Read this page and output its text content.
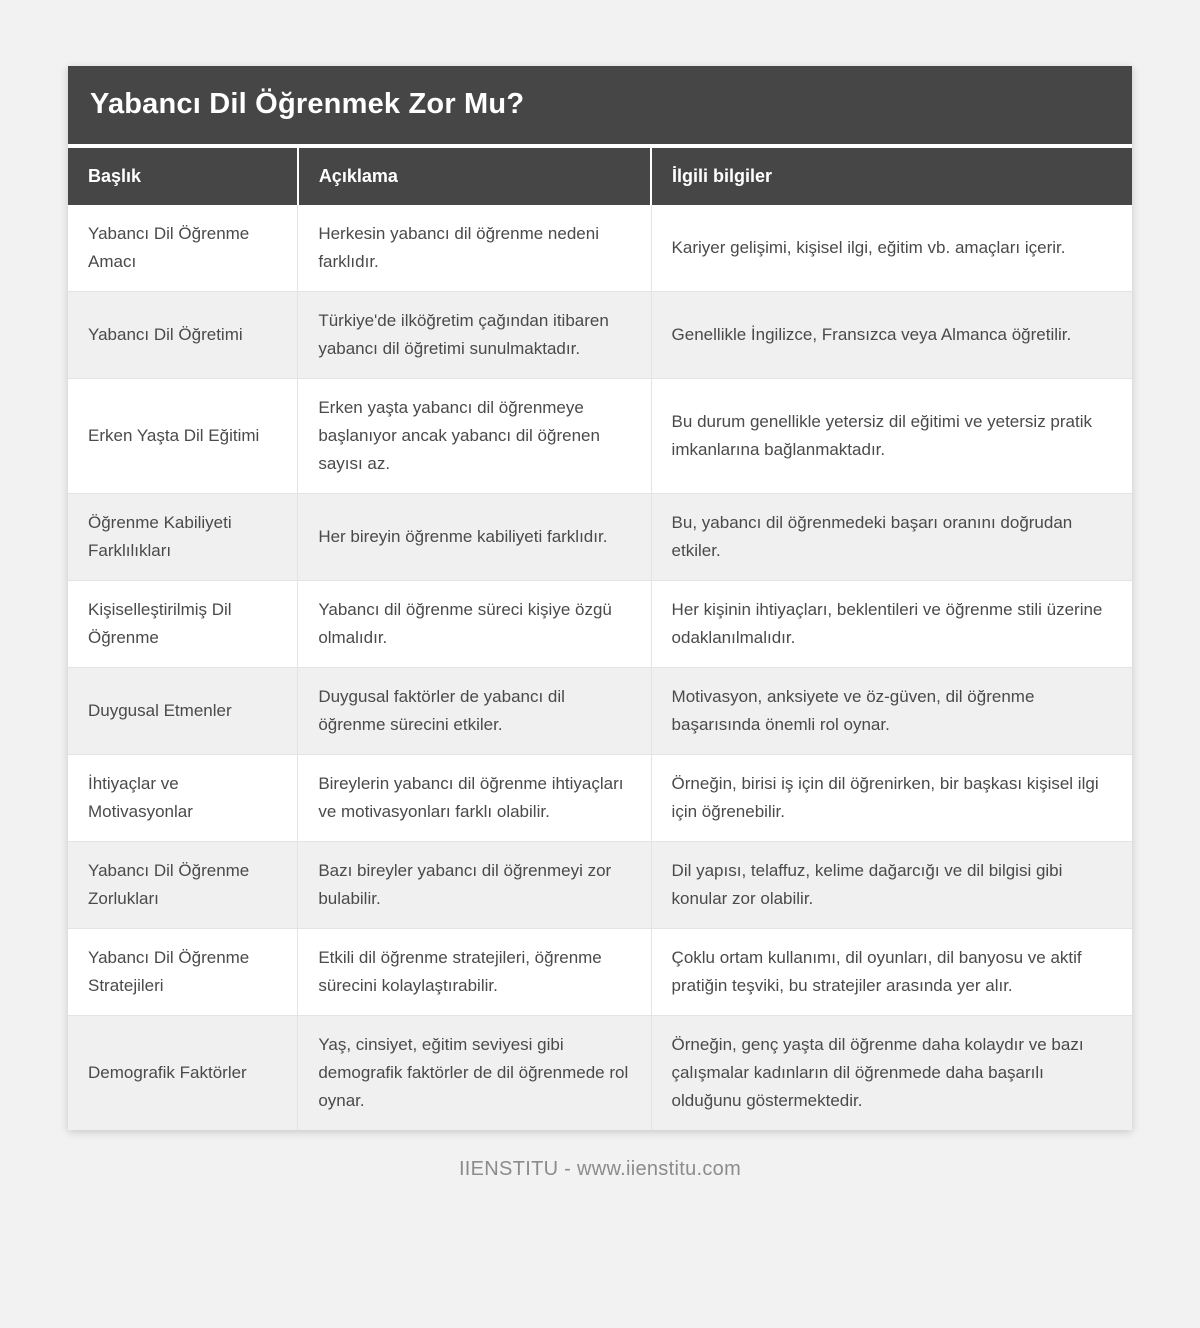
Yabancı Dil Öğrenmek Zor Mu?
Başlık	Açıklama	İlgili bilgiler
Yabancı Dil Öğrenme Amacı	Herkesin yabancı dil öğrenme nedeni farklıdır.	Kariyer gelişimi, kişisel ilgi, eğitim vb. amaçları içerir.
Yabancı Dil Öğretimi	Türkiye'de ilköğretim çağından itibaren yabancı dil öğretimi sunulmaktadır.	Genellikle İngilizce, Fransızca veya Almanca öğretilir.
Erken Yaşta Dil Eğitimi	Erken yaşta yabancı dil öğrenmeye başlanıyor ancak yabancı dil öğrenen sayısı az.	Bu durum genellikle yetersiz dil eğitimi ve yetersiz pratik imkanlarına bağlanmaktadır.
Öğrenme Kabiliyeti Farklılıkları	Her bireyin öğrenme kabiliyeti farklıdır.	Bu, yabancı dil öğrenmedeki başarı oranını doğrudan etkiler.
Kişiselleştirilmiş Dil Öğrenme	Yabancı dil öğrenme süreci kişiye özgü olmalıdır.	Her kişinin ihtiyaçları, beklentileri ve öğrenme stili üzerine odaklanılmalıdır.
Duygusal Etmenler	Duygusal faktörler de yabancı dil öğrenme sürecini etkiler.	Motivasyon, anksiyete ve öz-güven, dil öğrenme başarısında önemli rol oynar.
İhtiyaçlar ve Motivasyonlar	Bireylerin yabancı dil öğrenme ihtiyaçları ve motivasyonları farklı olabilir.	Örneğin, birisi iş için dil öğrenirken, bir başkası kişisel ilgi için öğrenebilir.
Yabancı Dil Öğrenme Zorlukları	Bazı bireyler yabancı dil öğrenmeyi zor bulabilir.	Dil yapısı, telaffuz, kelime dağarcığı ve dil bilgisi gibi konular zor olabilir.
Yabancı Dil Öğrenme Stratejileri	Etkili dil öğrenme stratejileri, öğrenme sürecini kolaylaştırabilir.	Çoklu ortam kullanımı, dil oyunları, dil banyosu ve aktif pratiğin teşviki, bu stratejiler arasında yer alır.
Demografik Faktörler	Yaş, cinsiyet, eğitim seviyesi gibi demografik faktörler de dil öğrenmede rol oynar.	Örneğin, genç yaşta dil öğrenme daha kolaydır ve bazı çalışmalar kadınların dil öğrenmede daha başarılı olduğunu göstermektedir.
IIENSTITU - www.iienstitu.com
